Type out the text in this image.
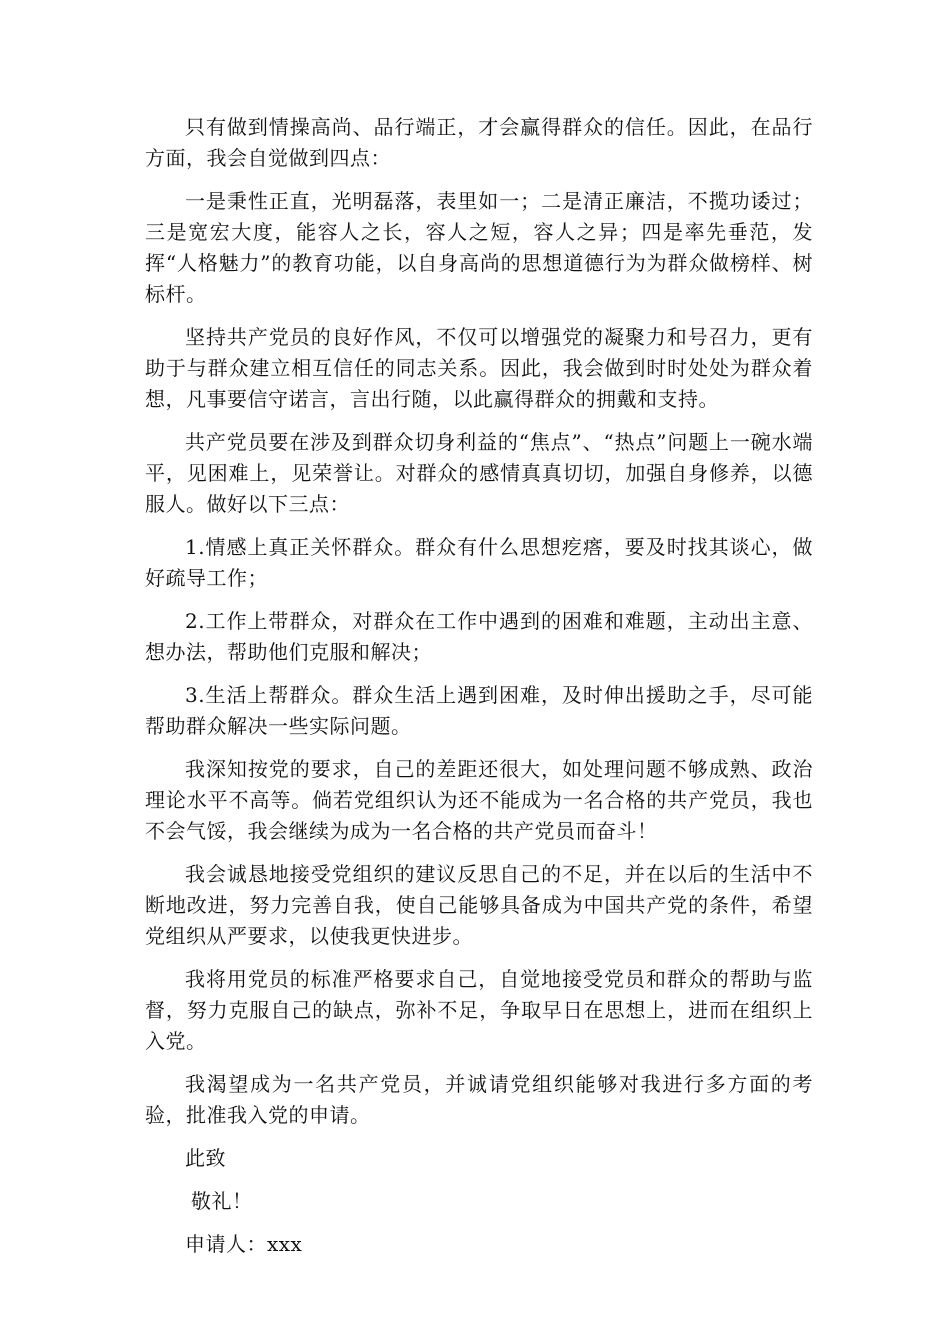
只有做到情操高尚、品行端正，才会赢得群众的信任。因此，在品行方面，我会自觉做到四点：

一是秉性正直，光明磊落，表里如一；二是清正廉洁，不揽功诿过；三是宽宏大度，能容人之长，容人之短，容人之异；四是率先垂范，发挥“人格魅力”的教育功能，以自身高尚的思想道德行为为群众做榜样、树标杆。

坚持共产党员的良好作风，不仅可以增强党的凝聚力和号召力，更有助于与群众建立相互信任的同志关系。因此，我会做到时时处处为群众着想，凡事要信守诺言，言出行随，以此赢得群众的拥戴和支持。

共产党员要在涉及到群众切身利益的“焦点”、“热点”问题上一碗水端平，见困难上，见荣誉让。对群众的感情真真切切，加强自身修养，以德服人。做好以下三点：

1.情感上真正关怀群众。群众有什么思想疙瘩，要及时找其谈心，做好疏导工作；

2.工作上带群众，对群众在工作中遇到的困难和难题，主动出主意、想办法，帮助他们克服和解决；

3.生活上帮群众。群众生活上遇到困难，及时伸出援助之手，尽可能帮助群众解决一些实际问题。

我深知按党的要求，自己的差距还很大，如处理问题不够成熟、政治理论水平不高等。倘若党组织认为还不能成为一名合格的共产党员，我也不会气馁，我会继续为成为一名合格的共产党员而奋斗！

我会诚恳地接受党组织的建议反思自己的不足，并在以后的生活中不断地改进，努力完善自我，使自己能够具备成为中国共产党的条件，希望党组织从严要求，以使我更快进步。

我将用党员的标准严格要求自己，自觉地接受党员和群众的帮助与监督，努力克服自己的缺点，弥补不足，争取早日在思想上，进而在组织上入党。

我渴望成为一名共产党员，并诚请党组织能够对我进行多方面的考验，批准我入党的申请。

此致

敬礼！

申请人：xxx
